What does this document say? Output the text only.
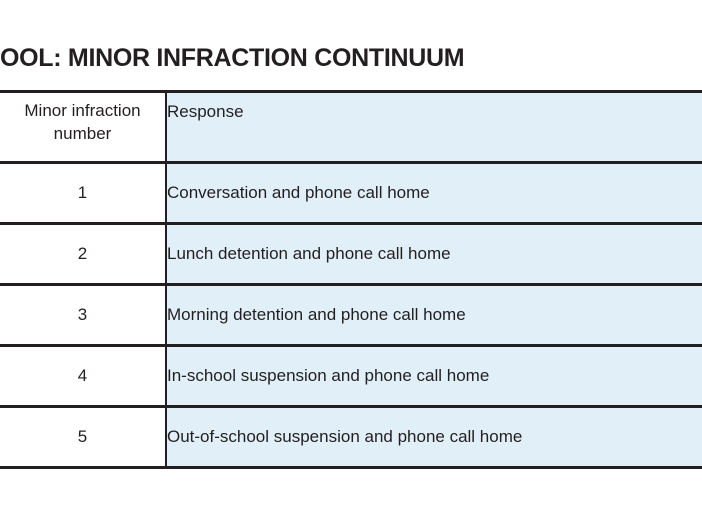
OOL: MINOR INFRACTION CONTINUUM
Minor infraction number	Response
1	Conversation and phone call home
2	Lunch detention and phone call home
3	Morning detention and phone call home
4	In-school suspension and phone call home
5	Out-of-school suspension and phone call home
